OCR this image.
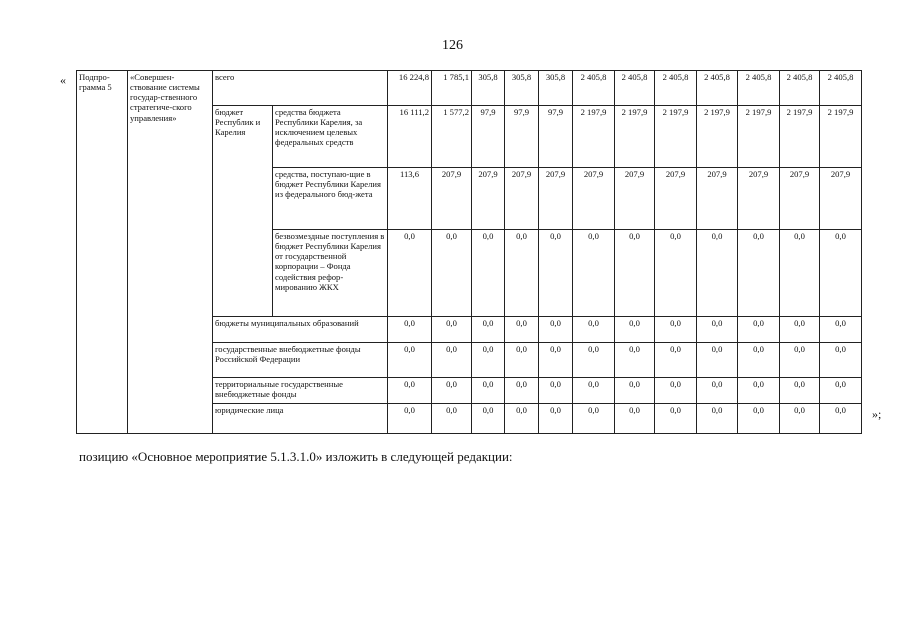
126
«
»;
Подпро-грамма 5	«Совершен-ствование системы государ-ственного стратегиче-ского управления»	всего		16 224,8	1 785,1	305,8	305,8	305,8	2 405,8	2 405,8	2 405,8	2 405,8	2 405,8	2 405,8	2 405,8
		бюджет Республик и Карелия	средства бюджета Республики Карелия, за исключением целевых федеральных средств	16 111,2	1 577,2	97,9	97,9	97,9	2 197,9	2 197,9	2 197,9	2 197,9	2 197,9	2 197,9	2 197,9
			средства, поступаю-щие в бюджет Республики Карелия из федерального бюд-жета	113,6	207,9	207,9	207,9	207,9	207,9	207,9	207,9	207,9	207,9	207,9	207,9
			безвозмездные поступления в бюджет Республики Карелия от государственной корпорации – Фонда содействия рефор-мированию ЖКХ	0,0	0,0	0,0	0,0	0,0	0,0	0,0	0,0	0,0	0,0	0,0	0,0
		бюджеты муниципальных образований		0,0	0,0	0,0	0,0	0,0	0,0	0,0	0,0	0,0	0,0	0,0	0,0
		государственные внебюджетные фонды Российской Федерации		0,0	0,0	0,0	0,0	0,0	0,0	0,0	0,0	0,0	0,0	0,0	0,0
		территориальные государственные внебюджетные фонды		0,0	0,0	0,0	0,0	0,0	0,0	0,0	0,0	0,0	0,0	0,0	0,0
		юридические лица		0,0	0,0	0,0	0,0	0,0	0,0	0,0	0,0	0,0	0,0	0,0	0,0
позицию «Основное мероприятие 5.1.3.1.0» изложить в следующей редакции:
